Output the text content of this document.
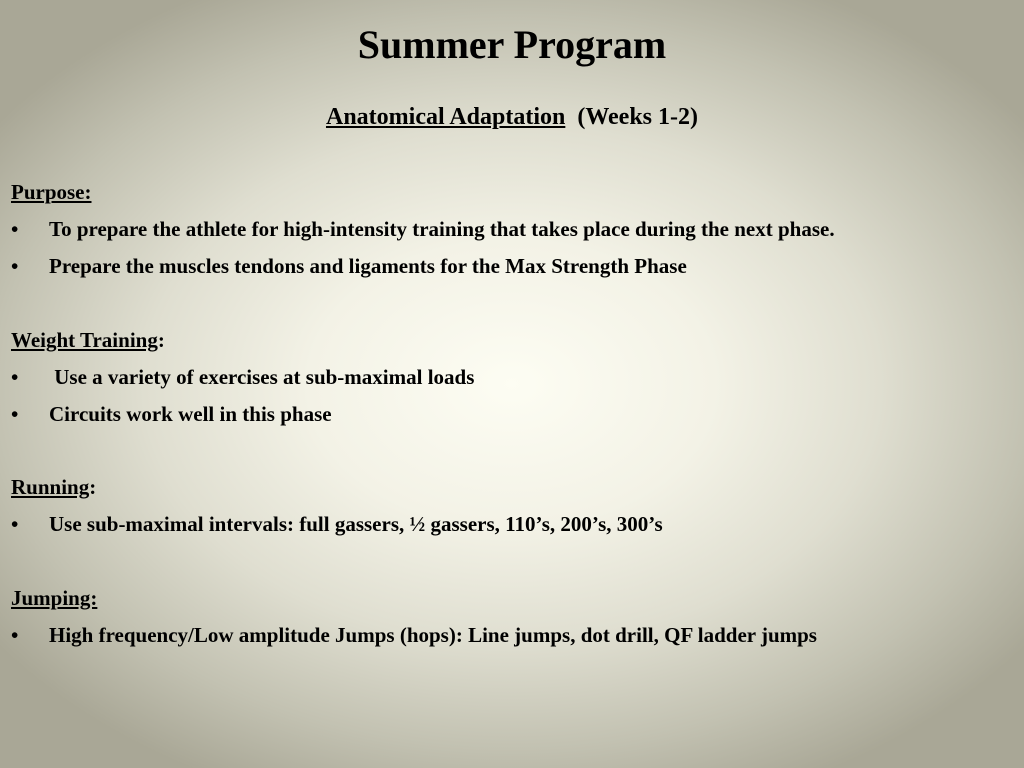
Summer Program
Anatomical Adaptation (Weeks 1-2)
Purpose:
• To prepare the athlete for high-intensity training that takes place during the next phase.
• Prepare the muscles tendons and ligaments for the Max Strength Phase
Weight Training:
• Use a variety of exercises at sub-maximal loads
• Circuits work well in this phase
Running:
• Use sub-maximal intervals: full gassers, ½ gassers, 110’s, 200’s, 300’s
Jumping:
• High frequency/Low amplitude Jumps (hops): Line jumps, dot drill, QF ladder jumps
